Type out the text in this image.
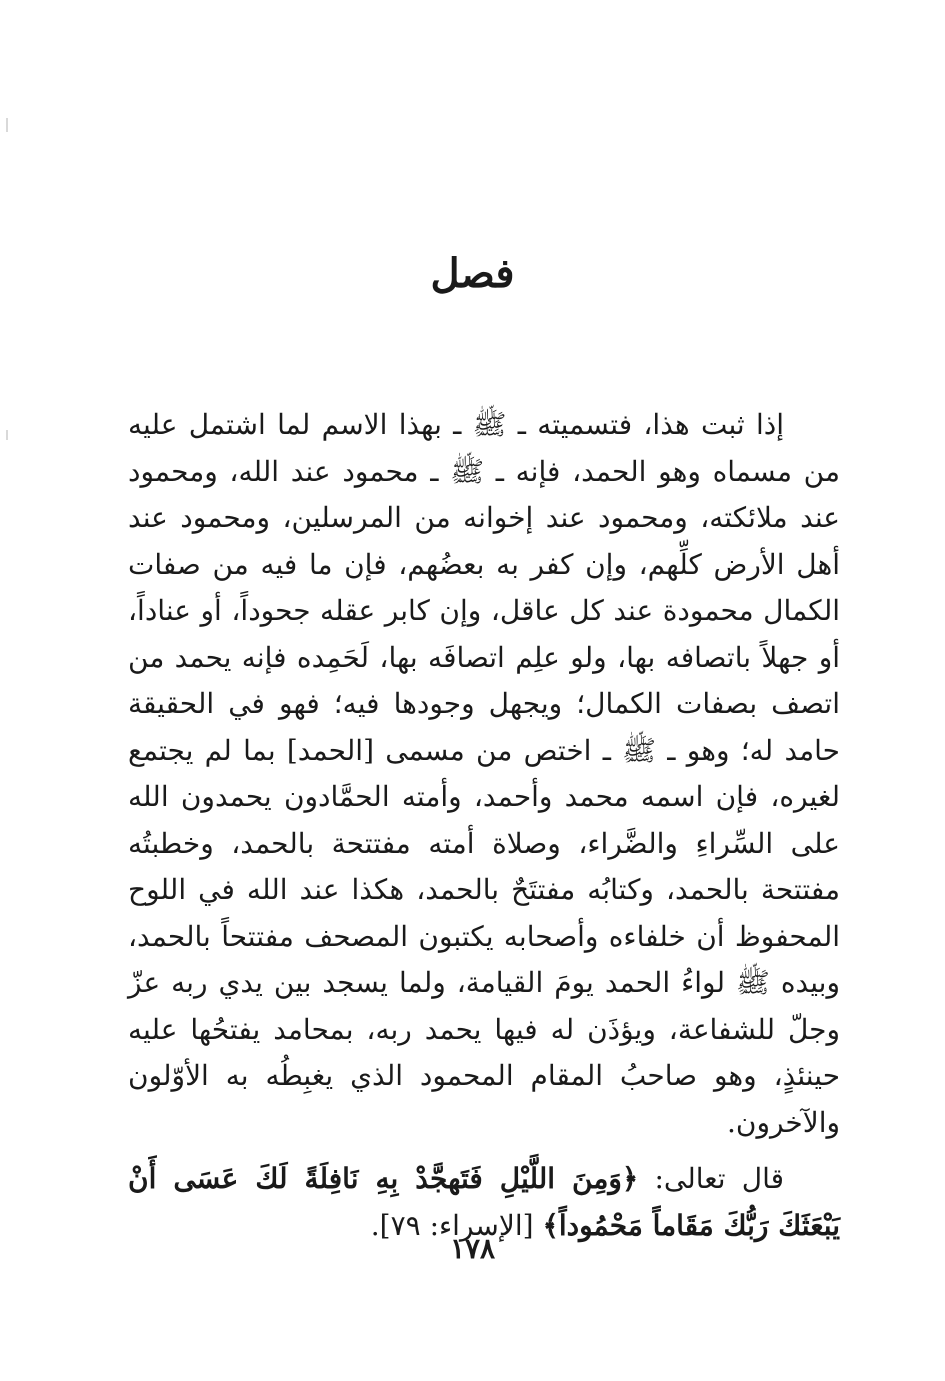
فصل

إذا ثبت هذا، فتسميته ـ ﷺ ـ بهذا الاسم لما اشتمل عليه من مسماه وهو الحمد، فإنه ـ ﷺ ـ محمود عند الله، ومحمود عند ملائكته، ومحمود عند إخوانه من المرسلين، ومحمود عند أهل الأرض كلِّهم، وإن كفر به بعضُهم، فإن ما فيه من صفات الكمال محمودة عند كل عاقل، وإن كابر عقله جحوداً، أو عناداً، أو جهلاً باتصافه بها، ولو علِم اتصافَه بها، لَحَمِده فإنه يحمد من اتصف بصفات الكمال؛ ويجهل وجودها فيه؛ فهو في الحقيقة حامد له؛ وهو ـ ﷺ ـ اختص من مسمى [الحمد] بما لم يجتمع لغيره، فإن اسمه محمد وأحمد، وأمته الحمَّادون يحمدون الله على السِّراءِ والضَّراء، وصلاة أمته مفتتحة بالحمد، وخطبتُه مفتتحة بالحمد، وكتابُه مفتتَحٌ بالحمد، هكذا عند الله في اللوح المحفوظ أن خلفاءه وأصحابه يكتبون المصحف مفتتحاً بالحمد، وبيده ﷺ لواءُ الحمد يومَ القيامة، ولما يسجد بين يدي ربه عزّ وجلّ للشفاعة، ويؤذَن له فيها يحمد ربه، بمحامد يفتحُها عليه حينئذٍ، وهو صاحبُ المقام المحمود الذي يغبِطُه به الأوّلون والآخرون.

قال تعالى: ﴿وَمِنَ اللَّيْلِ فَتَهجَّدْ بِهِ نَافِلَةً لَكَ عَسَى أَنْ يَبْعَثَكَ رَبُّكَ مَقَاماً مَحْمُوداً﴾ [الإسراء: ٧٩].

١٧٨
